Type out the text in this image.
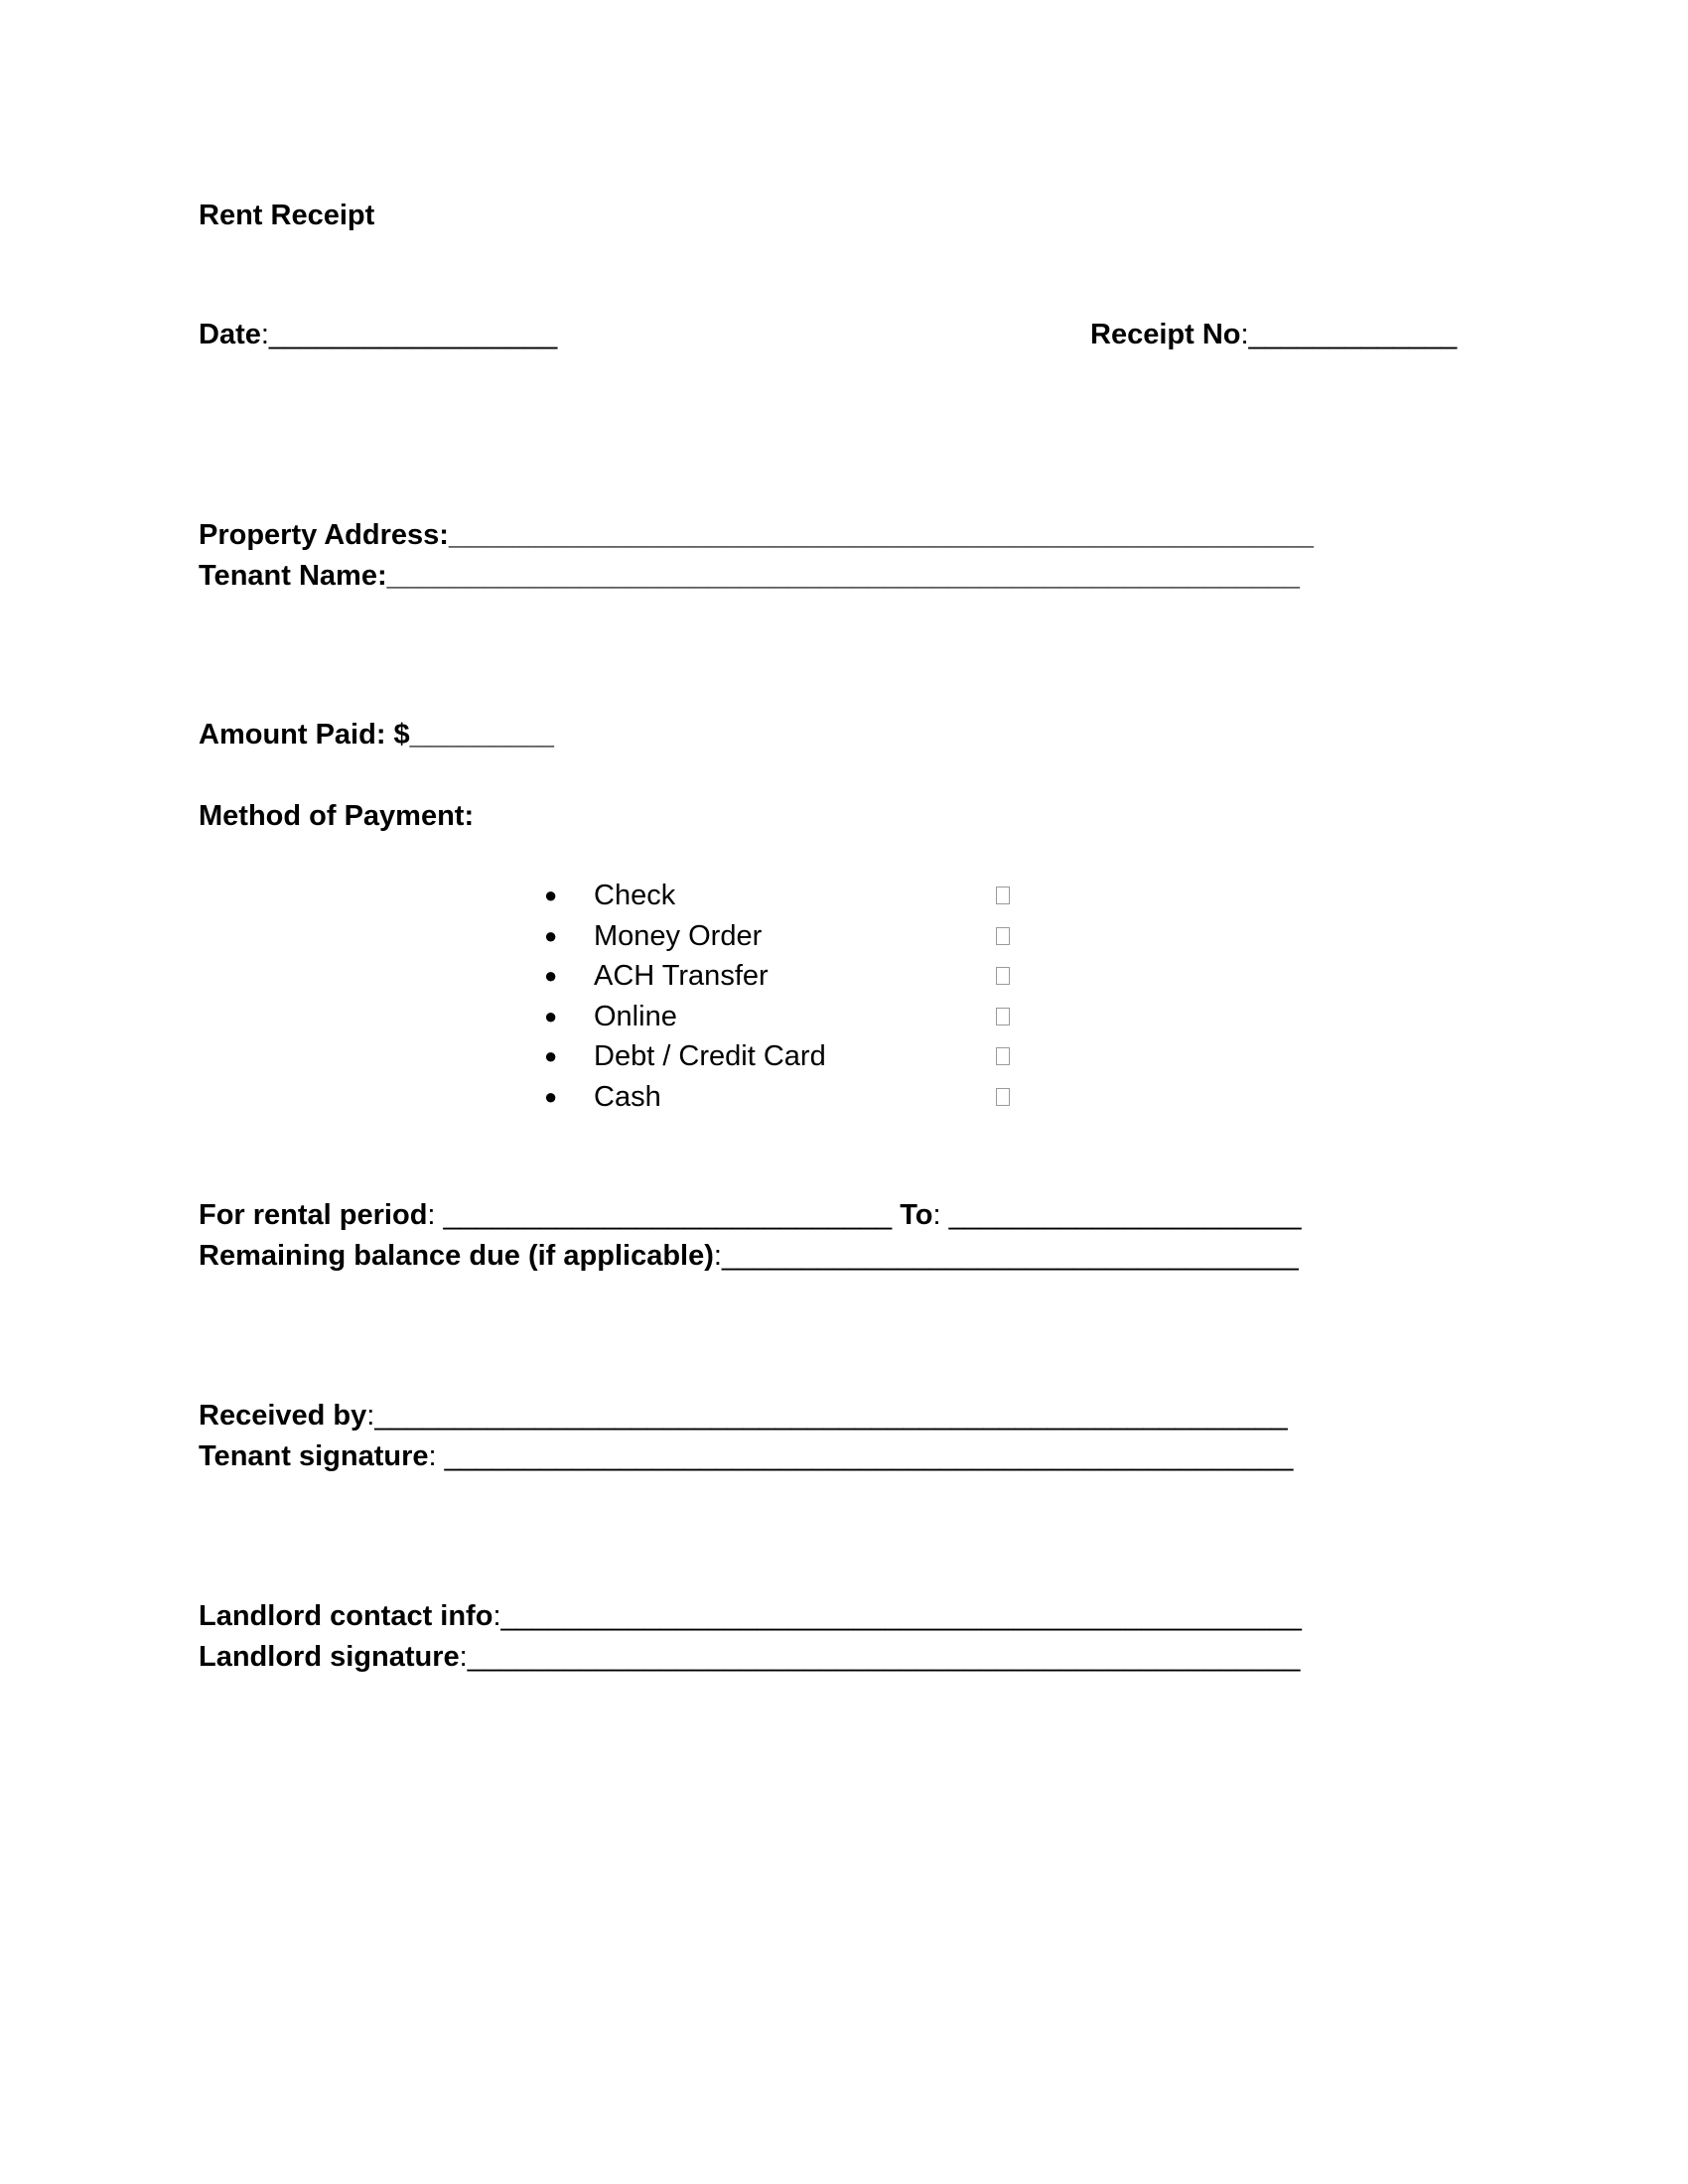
Rent Receipt
Date:__________________	Receipt No:_____________
Property Address:______________________________________________________
Tenant Name:_________________________________________________________
Amount Paid: $_________
Method of Payment:
● Check
● Money Order
● ACH Transfer
● Online
● Debt / Credit Card
● Cash
For rental period: ____________________________ To: ______________________
Remaining balance due (if applicable):____________________________________
Received by:_________________________________________________________
Tenant signature: _____________________________________________________
Landlord contact info:__________________________________________________
Landlord signature:____________________________________________________
